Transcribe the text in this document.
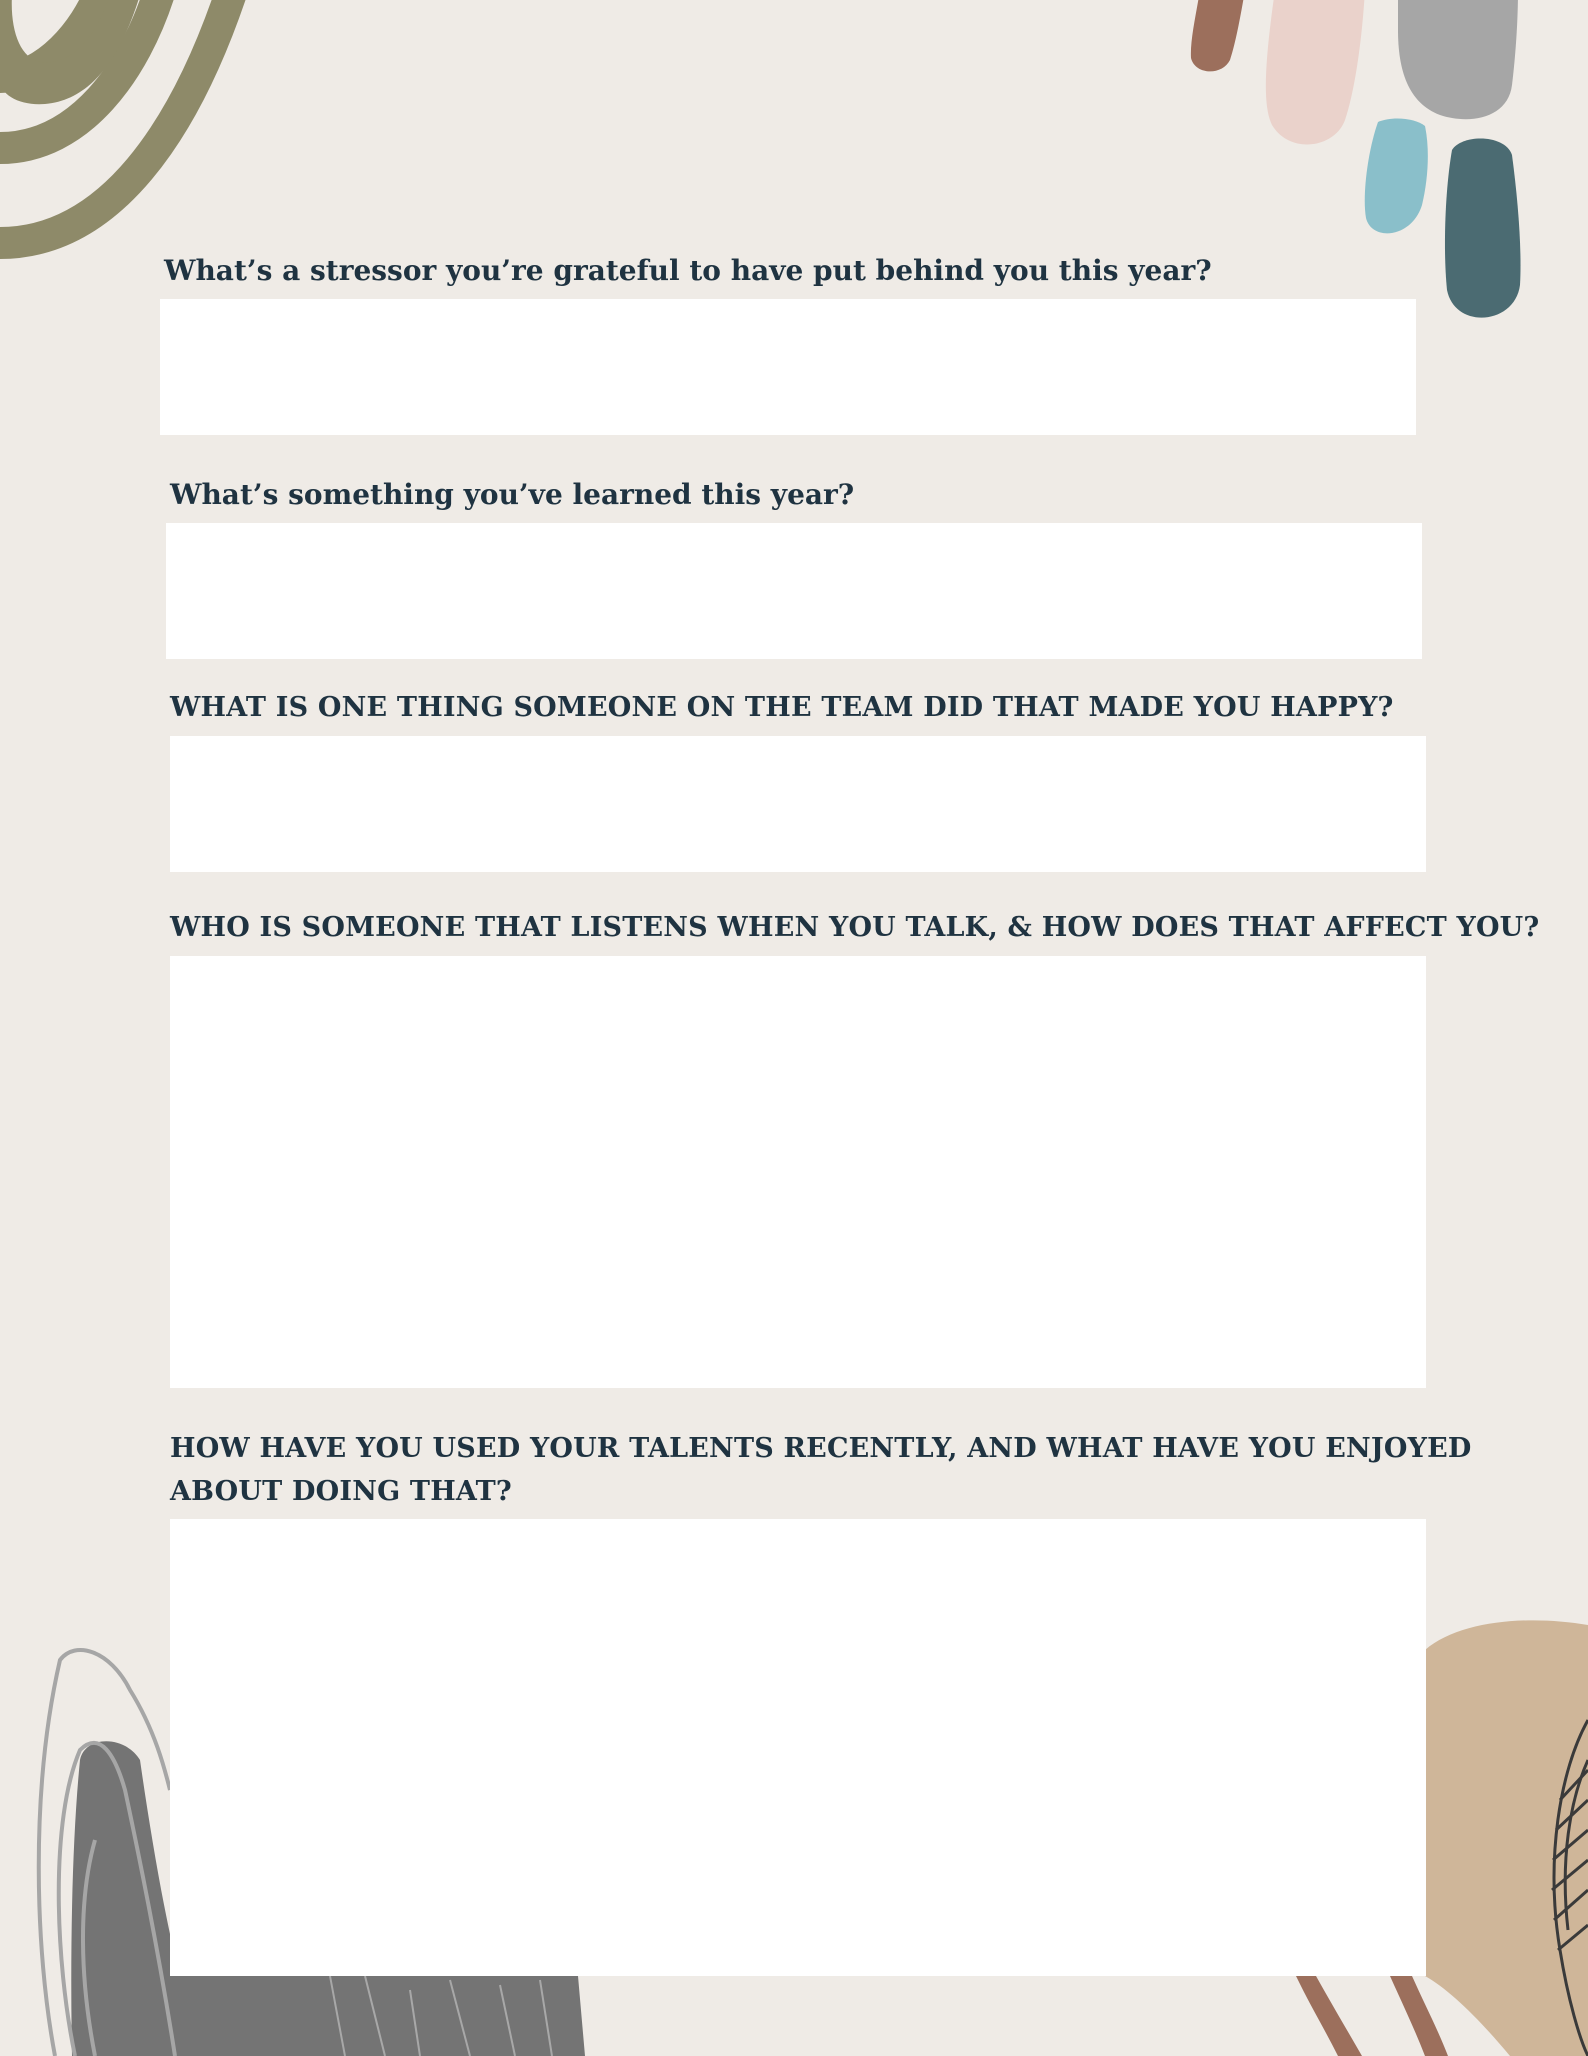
What’s a stressor you’re grateful to have put behind you this year?
What’s something you’ve learned this year?
WHAT IS ONE THING SOMEONE ON THE TEAM DID THAT MADE YOU HAPPY?
WHO IS SOMEONE THAT LISTENS WHEN YOU TALK, & HOW DOES THAT AFFECT YOU?
HOW HAVE YOU USED YOUR TALENTS RECENTLY, AND WHAT HAVE YOU ENJOYED
ABOUT DOING THAT?
